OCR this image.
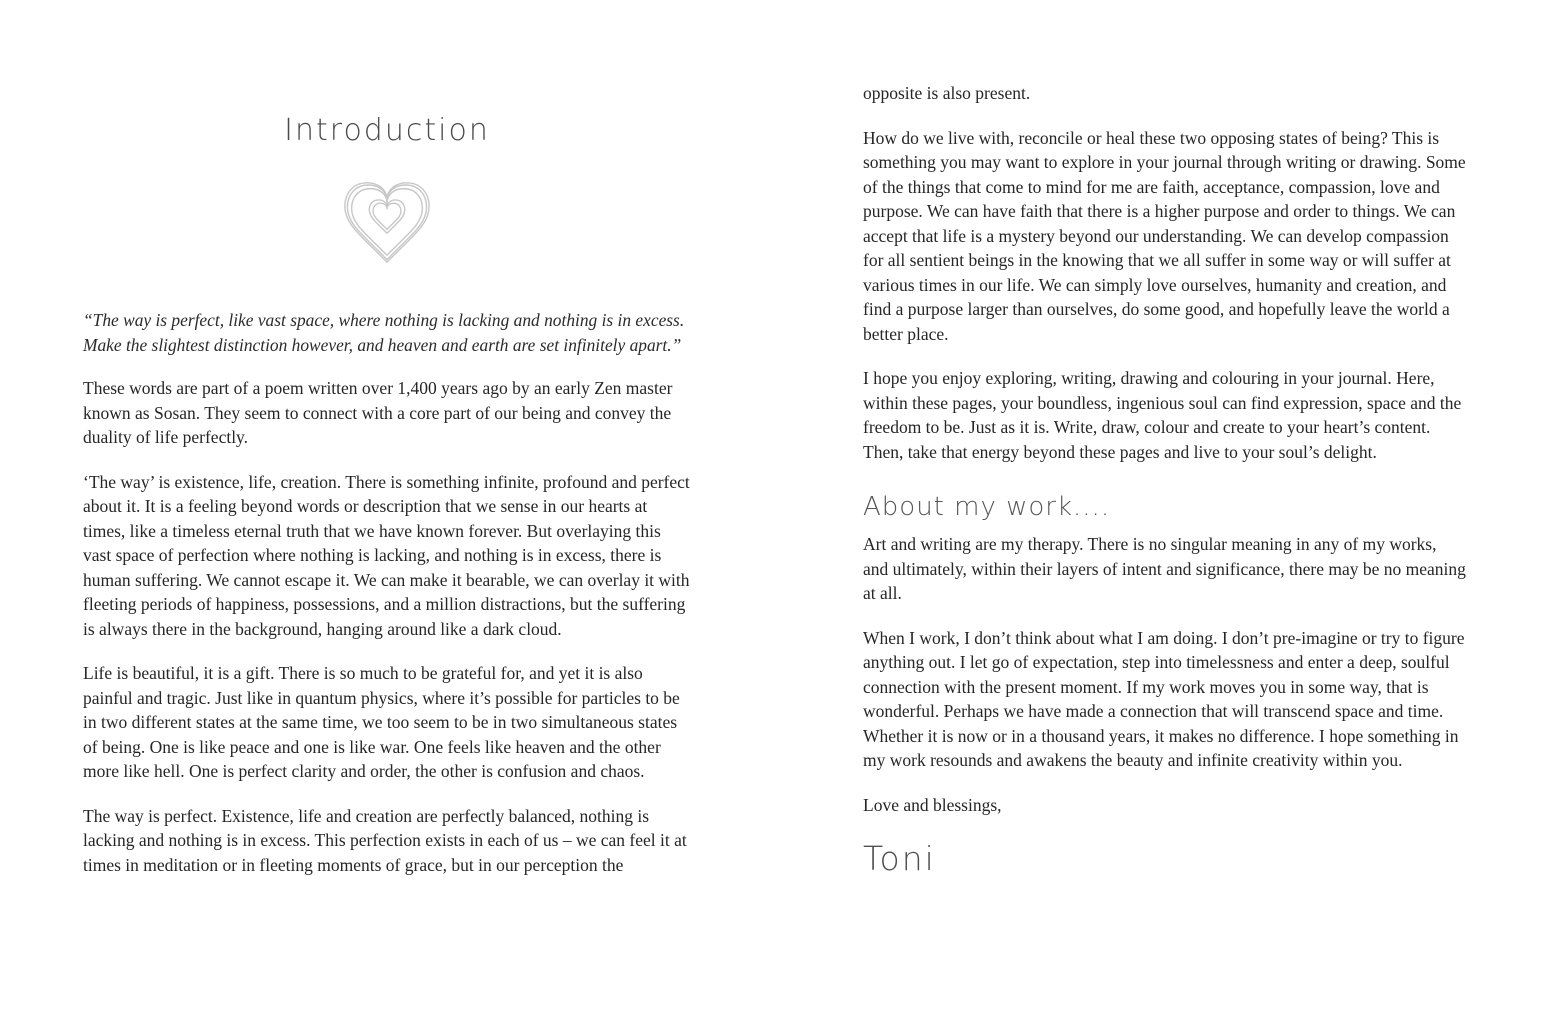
Introduction
“The way is perfect, like vast space, where nothing is lacking and nothing is in excess.
Make the slightest distinction however, and heaven and earth are set infinitely apart.”

These words are part of a poem written over 1,400 years ago by an early Zen master known as Sosan. They seem to connect with a core part of our being and convey the duality of life perfectly.

‘The way’ is existence, life, creation. There is something infinite, profound and perfect about it. It is a feeling beyond words or description that we sense in our hearts at times, like a timeless eternal truth that we have known forever. But overlaying this vast space of perfection where nothing is lacking, and nothing is in excess, there is human suffering. We cannot escape it. We can make it bearable, we can overlay it with fleeting periods of happiness, possessions, and a million distractions, but the suffering is always there in the background, hanging around like a dark cloud.

Life is beautiful, it is a gift. There is so much to be grateful for, and yet it is also painful and tragic. Just like in quantum physics, where it’s possible for particles to be in two different states at the same time, we too seem to be in two simultaneous states of being. One is like peace and one is like war. One feels like heaven and the other more like hell. One is perfect clarity and order, the other is confusion and chaos.

The way is perfect. Existence, life and creation are perfectly balanced, nothing is lacking and nothing is in excess. This perfection exists in each of us – we can feel it at times in meditation or in fleeting moments of grace, but in our perception the

opposite is also present.

How do we live with, reconcile or heal these two opposing states of being? This is something you may want to explore in your journal through writing or drawing. Some of the things that come to mind for me are faith, acceptance, compassion, love and purpose. We can have faith that there is a higher purpose and order to things. We can accept that life is a mystery beyond our understanding. We can develop compassion for all sentient beings in the knowing that we all suffer in some way or will suffer at various times in our life. We can simply love ourselves, humanity and creation, and find a purpose larger than ourselves, do some good, and hopefully leave the world a better place.

I hope you enjoy exploring, writing, drawing and colouring in your journal. Here, within these pages, your boundless, ingenious soul can find expression, space and the freedom to be. Just as it is. Write, draw, colour and create to your heart’s content. Then, take that energy beyond these pages and live to your soul’s delight.

About my work....

Art and writing are my therapy. There is no singular meaning in any of my works, and ultimately, within their layers of intent and significance, there may be no meaning at all.

When I work, I don’t think about what I am doing. I don’t pre-imagine or try to figure anything out. I let go of expectation, step into timelessness and enter a deep, soulful connection with the present moment. If my work moves you in some way, that is wonderful. Perhaps we have made a connection that will transcend space and time. Whether it is now or in a thousand years, it makes no difference. I hope something in my work resounds and awakens the beauty and infinite creativity within you.

Love and blessings,

Toni
